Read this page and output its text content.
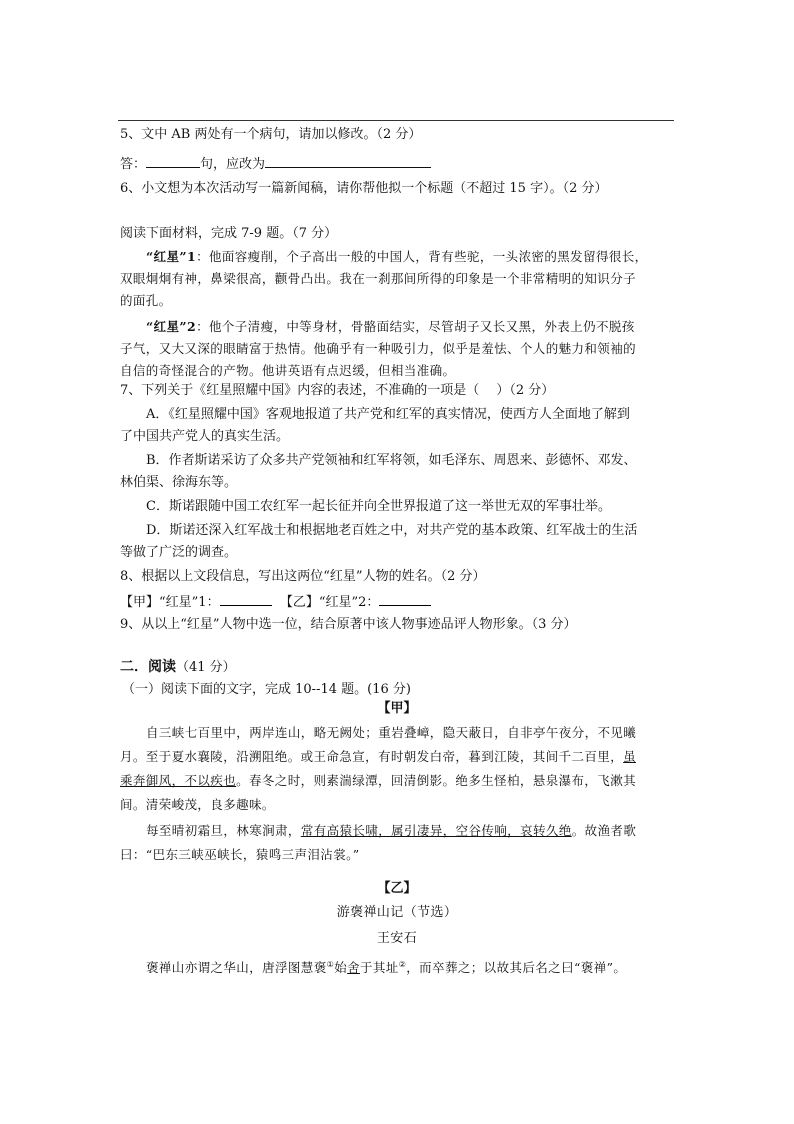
5、文中 AB 两处有一个病句，请加以修改。（2 分）
答：	句，应改为
6、小文想为本次活动写一篇新闻稿，请你帮他拟一个标题（不超过 15 字）。（2 分）
阅读下面材料，完成 7-9 题。（7 分）
“红星”1：他面容瘦削，个子高出一般的中国人，背有些驼，一头浓密的黑发留得很长，
双眼炯炯有神，鼻梁很高，颧骨凸出。我在一刹那间所得的印象是一个非常精明的知识分子
的面孔。
“红星”2：他个子清瘦，中等身材，骨骼面结实，尽管胡子又长又黑，外表上仍不脱孩
子气，又大又深的眼睛富于热情。他确乎有一种吸引力，似乎是羞怯、个人的魅力和领袖的
自信的奇怪混合的产物。他讲英语有点迟缓，但相当准确。
7、下列关于《红星照耀中国》内容的表述，不准确的一项是（　 ）（2 分）
A．《红星照耀中国》客观地报道了共产党和红军的真实情况，使西方人全面地了解到
了中国共产党人的真实生活。
B．作者斯诺采访了众多共产党领袖和红军将领，如毛泽东、周恩来、彭德怀、邓发、
林伯渠、徐海东等。
C．斯诺跟随中国工农红军一起长征并向全世界报道了这一举世无双的军事壮举。
D．斯诺还深入红军战士和根据地老百姓之中，对共产党的基本政策、红军战士的生活
等做了广泛的调查。
8、根据以上文段信息，写出这两位“红星”人物的姓名。（2 分）
【甲】“红星”1：	【乙】“红星”2：
9、从以上“红星”人物中选一位，结合原著中该人物事迹品评人物形象。（3 分）
二．阅读（41 分）
（一）阅读下面的文字，完成 10--14 题。(16 分)
【甲】
自三峡七百里中，两岸连山，略无阙处；重岩叠嶂，隐天蔽日，自非亭午夜分，不见曦
月。至于夏水襄陵，沿溯阻绝。或王命急宣，有时朝发白帝，暮到江陵，其间千二百里，虽
乘奔御风，不以疾也。春冬之时，则素湍绿潭，回清倒影。绝多生怪柏，悬泉瀑布，飞漱其
间。清荣峻茂，良多趣味。
每至晴初霜旦，林寒涧肃，常有高猿长啸，属引凄异，空谷传响，哀转久绝。故渔者歌
曰：“巴东三峡巫峡长，猿鸣三声泪沾裳。”
【乙】
游褒禅山记（节选）
王安石
褒禅山亦谓之华山，唐浮图慧褒①始舍于其址②，而卒葬之；以故其后名之曰“褒禅”。
